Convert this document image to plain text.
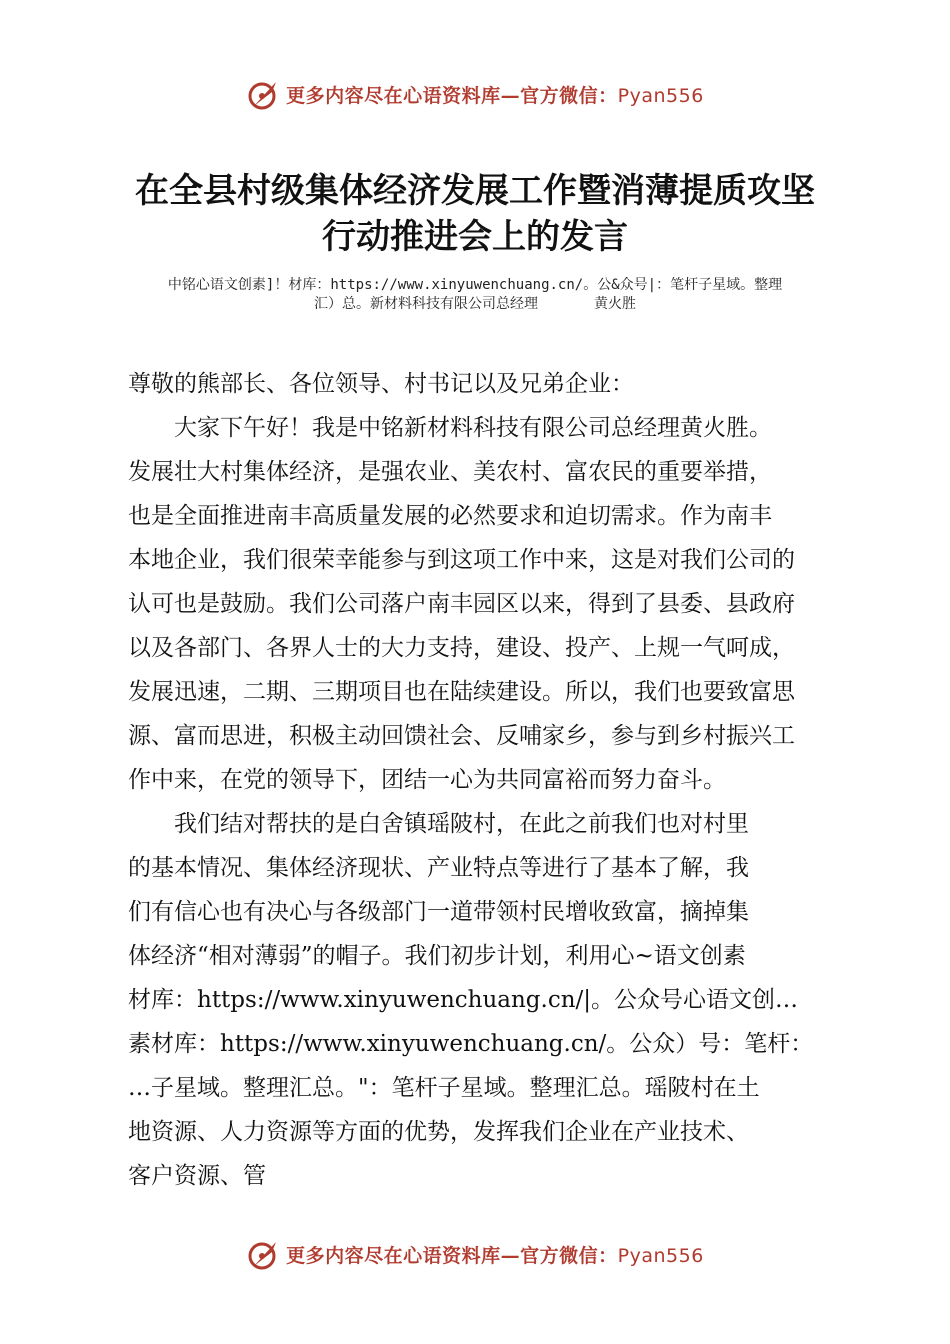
更多内容尽在心语资料库—官方微信：Pyan556
在全县村级集体经济发展工作暨消薄提质攻坚
行动推进会上的发言
中铭心语文创素]！材库：https://www.xinyuwenchuang.cn/。公&众号|：笔杆子星域。整理
汇）总。新材料科技有限公司总经理　　　　黄火胜
尊敬的熊部长、各位领导、村书记以及兄弟企业：
　　大家下午好！我是中铭新材料科技有限公司总经理黄火胜。
发展壮大村集体经济，是强农业、美农村、富农民的重要举措，
也是全面推进南丰高质量发展的必然要求和迫切需求。作为南丰
本地企业，我们很荣幸能参与到这项工作中来，这是对我们公司的
认可也是鼓励。我们公司落户南丰园区以来，得到了县委、县政府
以及各部门、各界人士的大力支持，建设、投产、上规一气呵成，
发展迅速，二期、三期项目也在陆续建设。所以，我们也要致富思
源、富而思进，积极主动回馈社会、反哺家乡，参与到乡村振兴工
作中来，在党的领导下，团结一心为共同富裕而努力奋斗。
　　我们结对帮扶的是白舍镇瑶陂村，在此之前我们也对村里
的基本情况、集体经济现状、产业特点等进行了基本了解，我
们有信心也有决心与各级部门一道带领村民增收致富，摘掉集
体经济“相对薄弱”的帽子。我们初步计划，利用心~语文创素
材库：https://www.xinyuwenchuang.cn/|。公众号心语文创…
素材库：https://www.xinyuwenchuang.cn/。公众）号：笔杆：
…子星域。整理汇总。"：笔杆子星域。整理汇总。瑶陂村在土
地资源、人力资源等方面的优势，发挥我们企业在产业技术、
客户资源、管
更多内容尽在心语资料库—官方微信：Pyan556
